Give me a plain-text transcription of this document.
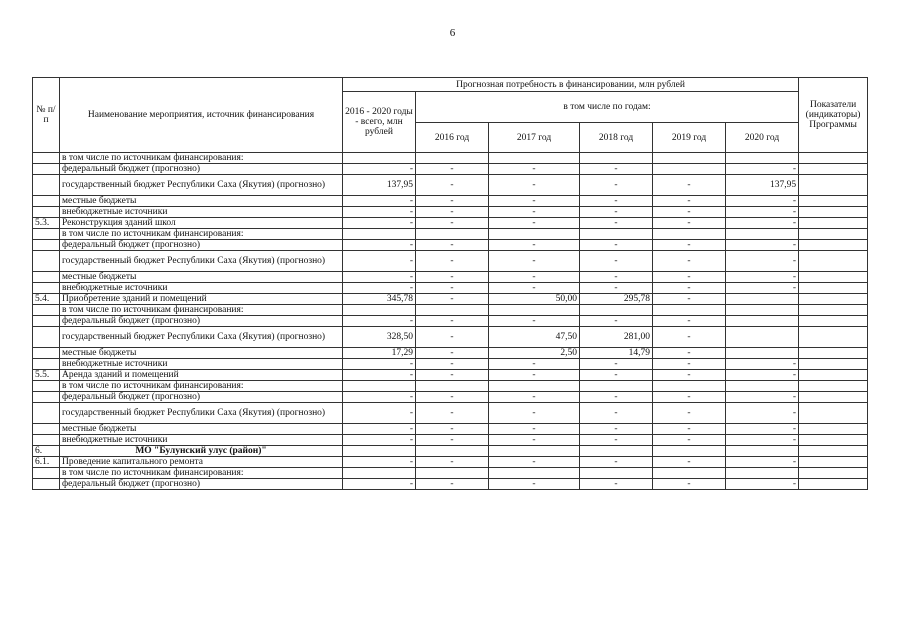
6
№ п/п	Наименование мероприятия, источник финансирования	Прогнозная потребность в финансировании, млн рублей						Показатели (индикаторы) Программы
		2016 - 2020 годы - всего, млн рублей	в том числе по годам:					
			2016 год	2017 год	2018 год	2019 год	2020 год	
	в том числе по источникам финансирования:							
	федеральный бюджет (прогнозно)	-	-	-	-		-	
	государственный бюджет Республики Саха (Якутия) (прогнозно)	137,95	-	-	-	-	137,95	
	местные бюджеты	-	-	-	-	-	-	
	внебюджетные источники	-	-	-	-	-	-	
5.3.	Реконструкция зданий школ	-	-	-	-	-	-	
	в том числе по источникам финансирования:							
	федеральный бюджет (прогнозно)	-	-	-	-	-	-	
	государственный бюджет Республики Саха (Якутия) (прогнозно)	-	-	-	-	-	-	
	местные бюджеты	-	-	-	-	-	-	
	внебюджетные источники	-	-	-	-	-	-	
5.4.	Приобретение зданий и помещений	345,78	-	50,00	295,78	-		
	в том числе по источникам финансирования:							
	федеральный бюджет (прогнозно)	-	-	-	-	-		
	государственный бюджет Республики Саха (Якутия) (прогнозно)	328,50	-	47,50	281,00	-		
	местные бюджеты	17,29	-	2,50	14,79	-		
	внебюджетные источники	-	-	-	-	-	-	
5.5.	Аренда зданий и помещений	-	-	-	-	-	-	
	в том числе по источникам финансирования:							
	федеральный бюджет (прогнозно)	-	-	-	-	-	-	
	государственный бюджет Республики Саха (Якутия) (прогнозно)	-	-	-	-	-	-	
	местные бюджеты	-	-	-	-	-	-	
	внебюджетные источники	-	-	-	-	-	-	
6.	МО "Булунский улус (район)"							
6.1.	Проведение капитального ремонта	-	-	-	-	-	-	
	в том числе по источникам финансирования:							
	федеральный бюджет (прогнозно)	-	-	-	-	-	-	
